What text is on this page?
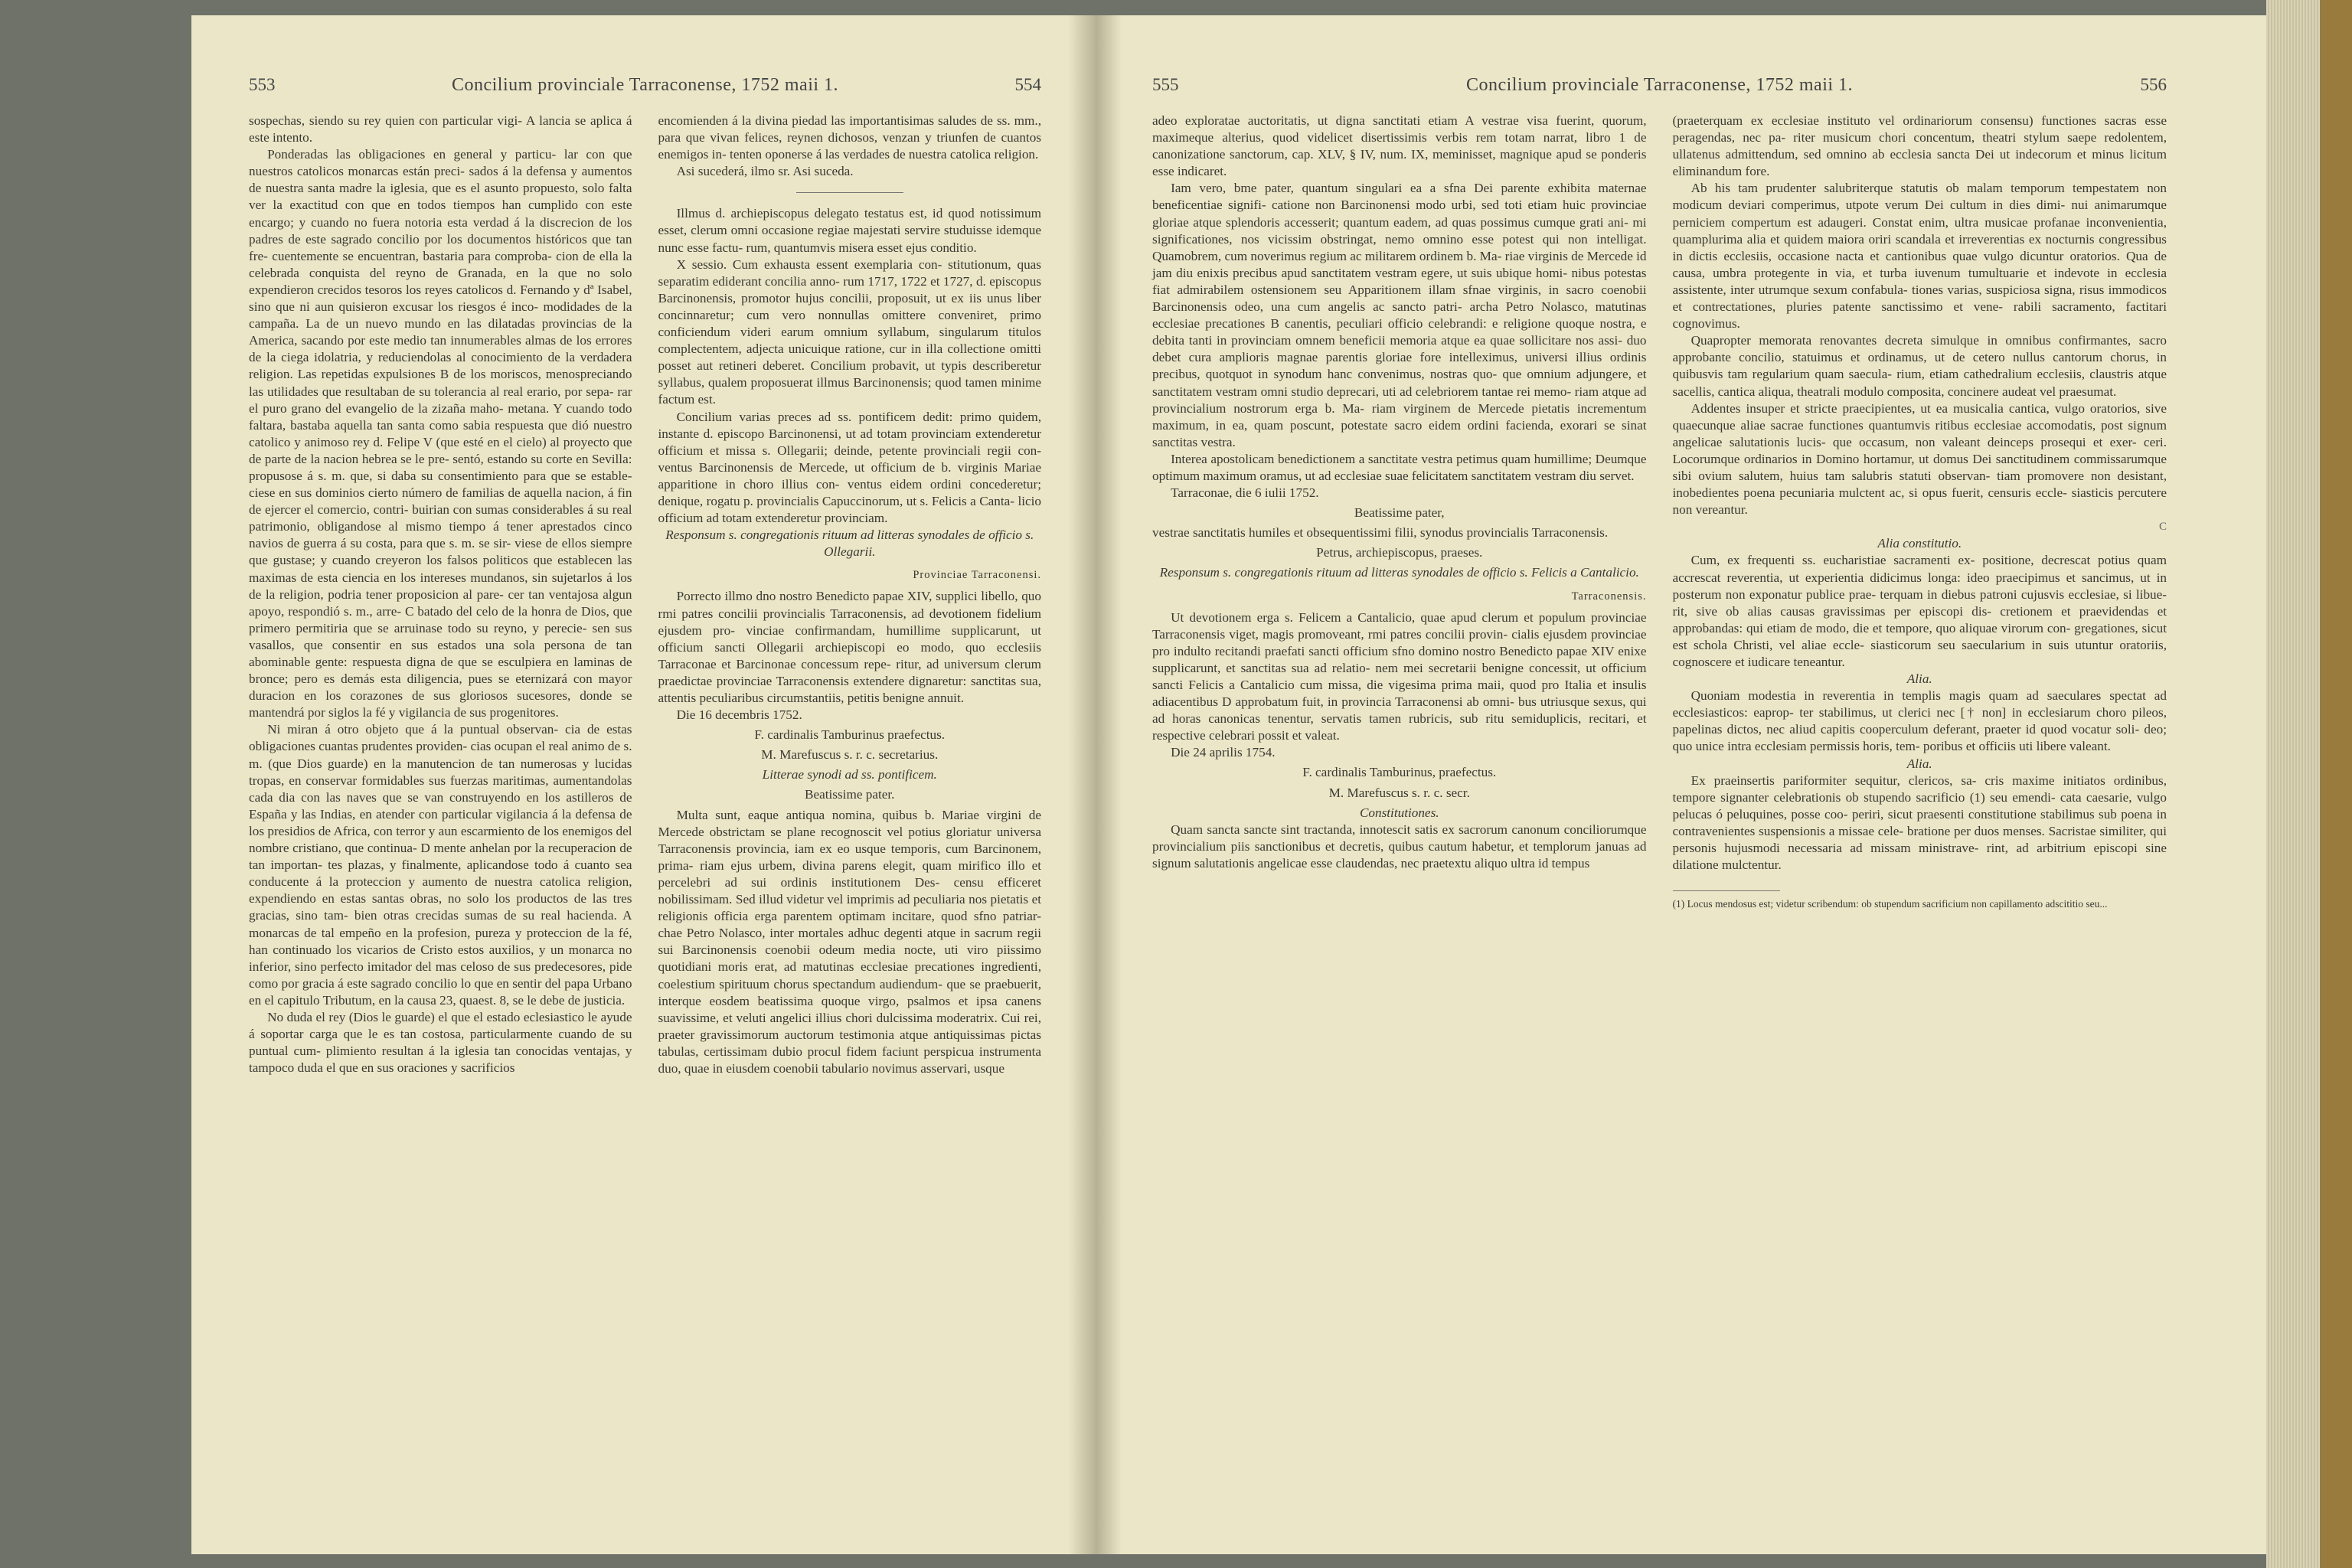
553	Concilium provinciale Tarraconense, 1752 maii 1.	554

sospechas, siendo su rey quien con particular vigi- A lancia se aplica á este intento.

Ponderadas las obligaciones en general y particu- lar con que nuestros catolicos monarcas están preci- sados á la defensa y aumentos de nuestra santa madre la iglesia, que es el asunto propuesto, solo falta ver la exactitud con que en todos tiempos han cumplido con este encargo; y cuando no fuera notoria esta verdad á la discrecion de los padres de este sagrado concilio por los documentos históricos que tan fre- cuentemente se encuentran, bastaria para comproba- cion de ella la celebrada conquista del reyno de Granada, en la que no solo expendieron crecidos tesoros los reyes catolicos d. Fernando y dª Isabel, sino que ni aun quisieron excusar los riesgos é inco- modidades de la campaña. La de un nuevo mundo en las dilatadas provincias de la America, sacando por este medio tan innumerables almas de los errores de la ciega idolatria, y reduciendolas al conocimiento de la verdadera religion. Las repetidas expulsiones B de los moriscos, menospreciando las utilidades que resultaban de su tolerancia al real erario, por sepa- rar el puro grano del evangelio de la zizaña maho- metana. Y cuando todo faltara, bastaba aquella tan santa como sabia respuesta que dió nuestro catolico y animoso rey d. Felipe V (que esté en el cielo) al proyecto que de parte de la nacion hebrea se le pre- sentó, estando su corte en Sevilla: propusose á s. m. que, si daba su consentimiento para que se estable- ciese en sus dominios cierto número de familias de aquella nacion, á fin de ejercer el comercio, contri- buirian con sumas considerables á su real patrimonio, obligandose al mismo tiempo á tener aprestados cinco navios de guerra á su costa, para que s. m. se sir- viese de ellos siempre que gustase; y cuando creyeron los falsos politicos que establecen las maximas de esta ciencia en los intereses mundanos, sin sujetarlos á los de la religion, podria tener proposicion al pare- cer tan ventajosa algun apoyo, respondió s. m., arre- C batado del celo de la honra de Dios, que primero permitiria que se arruinase todo su reyno, y perecie- sen sus vasallos, que consentir en sus estados una sola persona de tan abominable gente: respuesta digna de que se esculpiera en laminas de bronce; pero es demás esta diligencia, pues se eternizará con mayor duracion en los corazones de sus gloriosos sucesores, donde se mantendrá por siglos la fé y vigilancia de sus progenitores.

Ni miran á otro objeto que á la puntual observan- cia de estas obligaciones cuantas prudentes providen- cias ocupan el real animo de s. m. (que Dios guarde) en la manutencion de tan numerosas y lucidas tropas, en conservar formidables sus fuerzas maritimas, aumentandolas cada dia con las naves que se van construyendo en los astilleros de España y las Indias, en atender con particular vigilancia á la defensa de los presidios de Africa, con terror y aun escarmiento de los enemigos del nombre cristiano, que continua- D mente anhelan por la recuperacion de tan importan- tes plazas, y finalmente, aplicandose todo á cuanto sea conducente á la proteccion y aumento de nuestra catolica religion, expendiendo en estas santas obras, no solo los productos de las tres gracias, sino tam- bien otras crecidas sumas de su real hacienda. A monarcas de tal empeño en la profesion, pureza y proteccion de la fé, han continuado los vicarios de Cristo estos auxilios, y un monarca no inferior, sino perfecto imitador del mas celoso de sus predecesores, pide como por gracia á este sagrado concilio lo que en sentir del papa Urbano en el capitulo Tributum, en la causa 23, quaest. 8, se le debe de justicia.

No duda el rey (Dios le guarde) el que el estado eclesiastico le ayude á soportar carga que le es tan costosa, particularmente cuando de su puntual cum- plimiento resultan á la iglesia tan conocidas ventajas, y tampoco duda el que en sus oraciones y sacrificios

encomienden á la divina piedad las importantisimas saludes de ss. mm., para que vivan felices, reynen dichosos, venzan y triunfen de cuantos enemigos in- tenten oponerse á las verdades de nuestra catolica religion.

Asi sucederá, ilmo sr. Asi suceda.

Illmus d. archiepiscopus delegato testatus est, id quod notissimum esset, clerum omni occasione regiae majestati servire studuisse idemque nunc esse factu- rum, quantumvis misera esset ejus conditio.

X sessio. Cum exhausta essent exemplaria con- stitutionum, quas separatim ediderant concilia anno- rum 1717, 1722 et 1727, d. episcopus Barcinonensis, promotor hujus concilii, proposuit, ut ex iis unus liber concinnaretur; cum vero nonnullas omittere conveniret, primo conficiendum videri earum omnium syllabum, singularum titulos complectentem, adjecta unicuique ratione, cur in illa collectione omitti posset aut retineri deberet. Concilium probavit, ut typis describeretur syllabus, qualem proposuerat illmus Barcinonensis; quod tamen minime factum est.

Concilium varias preces ad ss. pontificem dedit: primo quidem, instante d. episcopo Barcinonensi, ut ad totam provinciam extenderetur officium et missa s. Ollegarii; deinde, petente provinciali regii con- ventus Barcinonensis de Mercede, ut officium de b. virginis Mariae apparitione in choro illius con- ventus eidem ordini concederetur; denique, rogatu p. provincialis Capuccinorum, ut s. Felicis a Canta- licio officium ad totam extenderetur provinciam.

Responsum s. congregationis rituum ad litteras synodales de officio s. Ollegarii.

Provinciae Tarraconensi.

Porrecto illmo dno nostro Benedicto papae XIV, supplici libello, quo rmi patres concilii provincialis Tarraconensis, ad devotionem fidelium ejusdem pro- vinciae confirmandam, humillime supplicarunt, ut officium sancti Ollegarii archiepiscopi eo modo, quo ecclesiis Tarraconae et Barcinonae concessum repe- ritur, ad universum clerum praedictae provinciae Tarraconensis extendere dignaretur: sanctitas sua, attentis peculiaribus circumstantiis, petitis benigne annuit.

Die 16 decembris 1752.

F. cardinalis Tamburinus praefectus.
M. Marefuscus s. r. c. secretarius.

Litterae synodi ad ss. pontificem.

Beatissime pater.

Multa sunt, eaque antiqua nomina, quibus b. Mariae virgini de Mercede obstrictam se plane recognoscit vel potius gloriatur universa Tarraconensis provincia, iam ex eo usque temporis, cum Barcinonem, prima- riam ejus urbem, divina parens elegit, quam mirifico illo et percelebri ad sui ordinis institutionem Des- censu efficeret nobilissimam. Sed illud videtur vel imprimis ad peculiaria nos pietatis et religionis officia erga parentem optimam incitare, quod sfno patriar- chae Petro Nolasco, inter mortales adhuc degenti atque in sacrum regii sui Barcinonensis coenobii odeum media nocte, uti viro piissimo quotidiani moris erat, ad matutinas ecclesiae precationes ingredienti, coelestium spirituum chorus spectandum audiendum- que se praebuerit, interque eosdem beatissima quoque virgo, psalmos et ipsa canens suavissime, et veluti angelici illius chori dulcissima moderatrix. Cui rei, praeter gravissimorum auctorum testimonia atque antiquissimas pictas tabulas, certissimam dubio procul fidem faciunt perspicua instrumenta duo, quae in eiusdem coenobii tabulario novimus asservari, usque

555	Concilium provinciale Tarraconense, 1752 maii 1.	556

adeo exploratae auctoritatis, ut digna sanctitati etiam A vestrae visa fuerint, quorum, maximeque alterius, quod videlicet disertissimis verbis rem totam narrat, libro 1 de canonizatione sanctorum, cap. XLV, § IV, num. IX, meminisset, magnique apud se ponderis esse indicaret.

Iam vero, bme pater, quantum singulari ea a sfna Dei parente exhibita maternae beneficentiae signifi- catione non Barcinonensi modo urbi, sed toti etiam huic provinciae gloriae atque splendoris accesserit; quantum eadem, ad quas possimus cumque grati ani- mi significationes, nos vicissim obstringat, nemo omnino esse potest qui non intelligat. Quamobrem, cum noverimus regium ac militarem ordinem b. Ma- riae virginis de Mercede id jam diu enixis precibus apud sanctitatem vestram egere, ut suis ubique homi- nibus potestas fiat admirabilem ostensionem seu Apparitionem illam sfnae virginis, in sacro coenobii Barcinonensis odeo, una cum angelis ac sancto patri- archa Petro Nolasco, matutinas ecclesiae precationes B canentis, peculiari officio celebrandi: e religione quoque nostra, e debita tanti in provinciam omnem beneficii memoria atque ea quae sollicitare nos assi- duo debet cura amplioris magnae parentis gloriae fore intelleximus, universi illius ordinis precibus, quotquot in synodum hanc convenimus, nostras quo- que omnium adjungere, et sanctitatem vestram omni studio deprecari, uti ad celebriorem tantae rei memo- riam atque ad provincialium nostrorum erga b. Ma- riam virginem de Mercede pietatis incrementum maximum, in ea, quam poscunt, potestate sacro eidem ordini facienda, exorari se sinat sanctitas vestra.

Interea apostolicam benedictionem a sanctitate vestra petimus quam humillime; Deumque optimum maximum oramus, ut ad ecclesiae suae felicitatem sanctitatem vestram diu servet.

Tarraconae, die 6 iulii 1752.

Beatissime pater,

vestrae sanctitatis humiles et obsequentissimi filii, synodus provincialis Tarraconensis.

Petrus, archiepiscopus, praeses.

Responsum s. congregationis rituum ad litteras synodales de officio s. Felicis a Cantalicio.

Tarraconensis.

Ut devotionem erga s. Felicem a Cantalicio, quae apud clerum et populum provinciae Tarraconensis viget, magis promoveant, rmi patres concilii provin- cialis ejusdem provinciae pro indulto recitandi praefati sancti officium sfno domino nostro Benedicto papae XIV enixe supplicarunt, et sanctitas sua ad relatio- nem mei secretarii benigne concessit, ut officium sancti Felicis a Cantalicio cum missa, die vigesima prima maii, quod pro Italia et insulis adiacentibus D approbatum fuit, in provincia Tarraconensi ab omni- bus utriusque sexus, qui ad horas canonicas tenentur, servatis tamen rubricis, sub ritu semiduplicis, recitari, et respective celebrari possit et valeat.

Die 24 aprilis 1754.

F. cardinalis Tamburinus, praefectus.
M. Marefuscus s. r. c. secr.

Constitutiones.

Quam sancta sancte sint tractanda, innotescit satis ex sacrorum canonum conciliorumque provincialium piis sanctionibus et decretis, quibus cautum habetur, et templorum januas ad signum salutationis angelicae esse claudendas, nec praetextu aliquo ultra id tempus

(praeterquam ex ecclesiae instituto vel ordinariorum consensu) functiones sacras esse peragendas, nec pa- riter musicum chori concentum, theatri stylum saepe redolentem, ullatenus admittendum, sed omnino ab ecclesia sancta Dei ut indecorum et minus licitum eliminandum fore.

Ab his tam prudenter salubriterque statutis ob malam temporum tempestatem non modicum deviari comperimus, utpote verum Dei cultum in dies dimi- nui animarumque perniciem compertum est adaugeri. Constat enim, ultra musicae profanae inconvenientia, quamplurima alia et quidem maiora oriri scandala et irreverentias ex nocturnis congressibus in dictis ecclesiis, occasione nacta et cantionibus quae vulgo dicuntur oratorios. Qua de causa, umbra protegente in via, et turba iuvenum tumultuarie et indevote in ecclesia assistente, inter utrumque sexum confabula- tiones varias, suspiciosa signa, risus immodicos et contrectationes, pluries patente sanctissimo et vene- rabili sacramento, factitari cognovimus.

Quapropter memorata renovantes decreta simulque in omnibus confirmantes, sacro approbante concilio, statuimus et ordinamus, ut de cetero nullus cantorum chorus, in quibusvis tam regularium quam saecula- rium, etiam cathedralium ecclesiis, claustris atque sacellis, cantica aliqua, theatrali modulo composita, concinere audeat vel praesumat.

Addentes insuper et stricte praecipientes, ut ea musicalia cantica, vulgo oratorios, sive quaecunque aliae sacrae functiones quantumvis ritibus ecclesiae accomodatis, post signum angelicae salutationis lucis- que occasum, non valeant deinceps prosequi et exer- ceri. Locorumque ordinarios in Domino hortamur, ut domus Dei sanctitudinem commissarumque sibi ovium salutem, huius tam salubris statuti observan- tiam promovere non desistant, inobedientes poena pecuniaria mulctent ac, si opus fuerit, censuris eccle- siasticis percutere non vereantur.

C

Alia constitutio.

Cum, ex frequenti ss. eucharistiae sacramenti ex- positione, decrescat potius quam accrescat reverentia, ut experientia didicimus longa: ideo praecipimus et sancimus, ut in posterum non exponatur publice prae- terquam in diebus patroni cujusvis ecclesiae, si libue- rit, sive ob alias causas gravissimas per episcopi dis- cretionem et praevidendas et approbandas: qui etiam de modo, die et tempore, quo aliquae virorum con- gregationes, sicut est schola Christi, vel aliae eccle- siasticorum seu saecularium in suis utuntur oratoriis, cognoscere et iudicare teneantur.

Alia.

Quoniam modestia in reverentia in templis magis quam ad saeculares spectat ad ecclesiasticos: eaprop- ter stabilimus, ut clerici nec [† non] in ecclesiarum choro pileos, papelinas dictos, nec aliud capitis cooperculum deferant, praeter id quod vocatur soli- deo; quo unice intra ecclesiam permissis horis, tem- poribus et officiis uti libere valeant.

Alia.

Ex praeinsertis pariformiter sequitur, clericos, sa- cris maxime initiatos ordinibus, tempore signanter celebrationis ob stupendo sacrificio (1) seu emendi- cata caesarie, vulgo pelucas ó peluquines, posse coo- periri, sicut praesenti constitutione stabilimus sub poena in contravenientes suspensionis a missae cele- bratione per duos menses. Sacristae similiter, qui personis hujusmodi necessaria ad missam ministrave- rint, ad arbitrium episcopi sine dilatione mulctentur.

(1) Locus mendosus est; videtur scribendum: ob stupendum sacrificium non capillamento adscititio seu...
